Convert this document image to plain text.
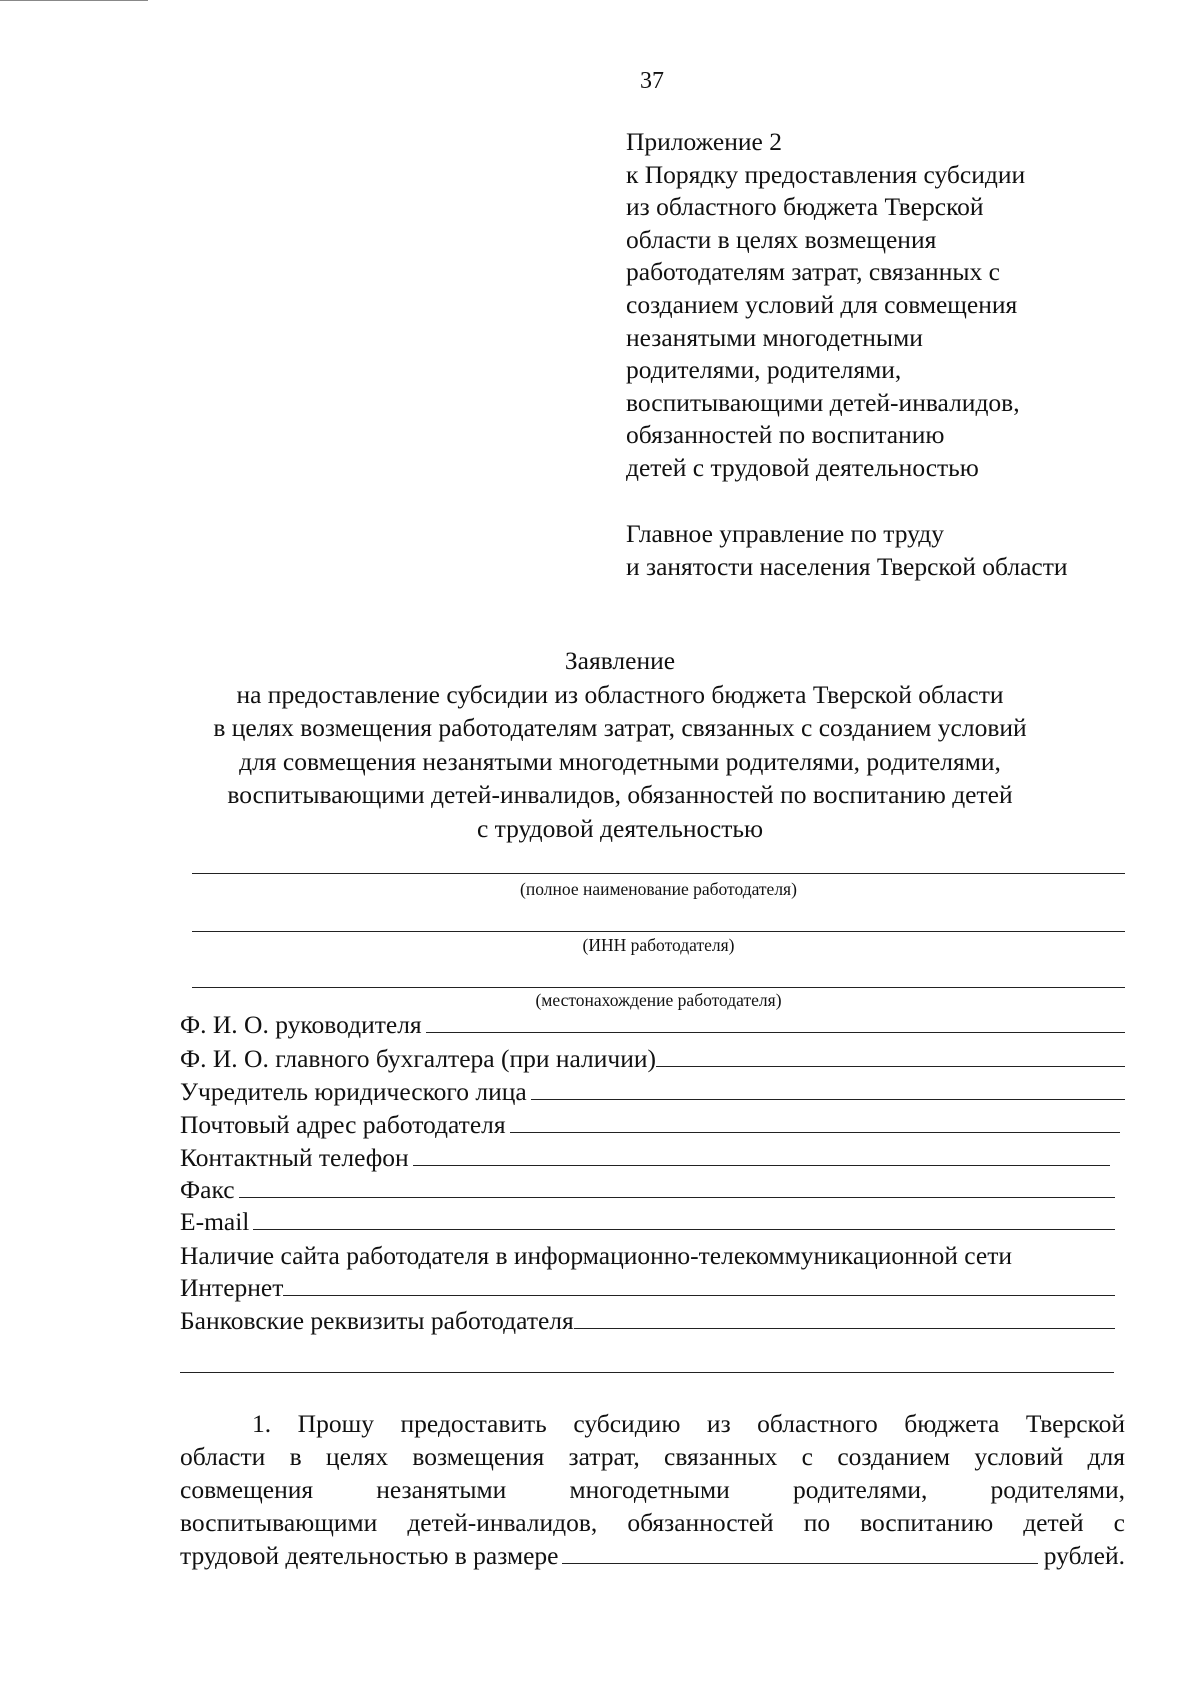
37
Приложение 2
к Порядку предоставления субсидии
из областного бюджета Тверской
области в целях возмещения
работодателям затрат, связанных с
созданием условий для совмещения
незанятыми многодетными
родителями, родителями,
воспитывающими детей-инвалидов,
обязанностей по воспитанию
детей с трудовой деятельностью
Главное управление по труду
и занятости населения Тверской области
Заявление
на предоставление субсидии из областного бюджета Тверской области
в целях возмещения работодателям затрат, связанных с созданием условий
для совмещения незанятыми многодетными родителями, родителями,
воспитывающими детей-инвалидов, обязанностей по воспитанию детей
с трудовой деятельностью
(полное наименование работодателя)
(ИНН работодателя)
(местонахождение работодателя)
Ф. И. О. руководителя
Ф. И. О. главного бухгалтера (при наличии)
Учредитель юридического лица
Почтовый адрес работодателя
Контактный телефон
Факс
E-mail
Наличие сайта работодателя в информационно-телекоммуникационной сети
Интернет
Банковские реквизиты работодателя
1. Прошу предоставить субсидию из областного бюджета Тверской
области в целях возмещения затрат, связанных с созданием условий для
совмещения незанятыми многодетными родителями, родителями,
воспитывающими детей-инвалидов, обязанностей по воспитанию детей с
трудовой деятельностью в размере	рублей.
